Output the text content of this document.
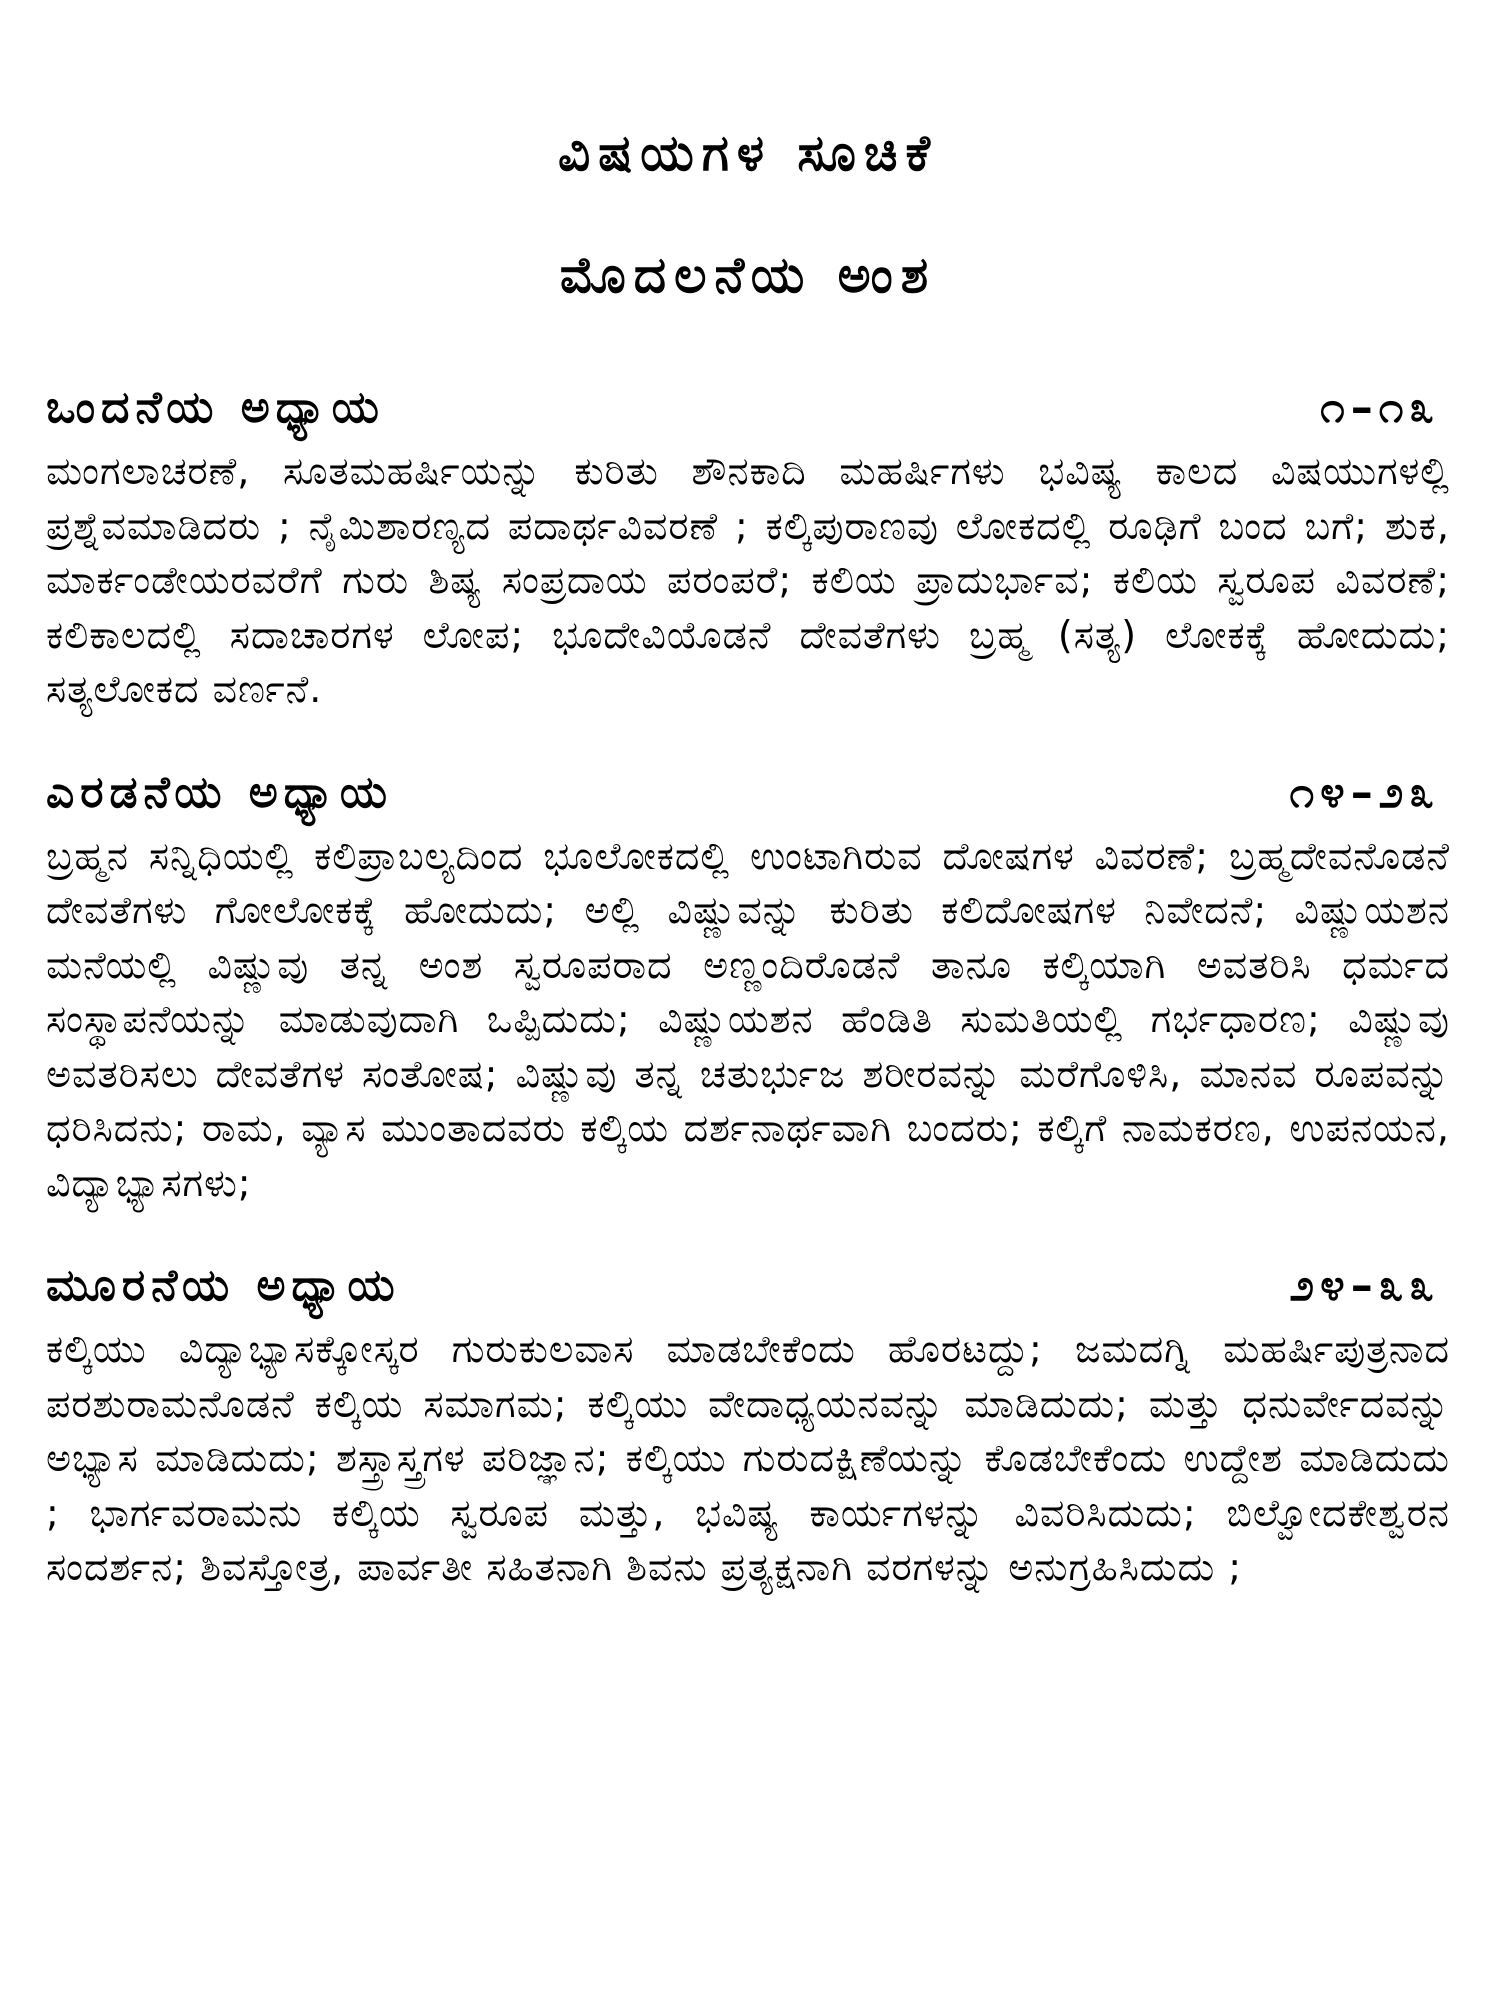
ವಿಷಯಗಳ ಸೂಚಿಕೆ
ಮೊದಲನೆಯ ಅಂಶ
ಒಂದನೆಯ ಅಧ್ಯಾಯ	೧–೧೩
ಮಂಗಲಾಚರಣೆ, ಸೂತಮಹರ್ಷಿಯನ್ನು ಕುರಿತು ಶೌನಕಾದಿ ಮಹರ್ಷಿಗಳು ಭವಿಷ್ಯ ಕಾಲದ ವಿಷಯುಗಳಲ್ಲಿ ಪ್ರಶ್ನೆವಮಾಡಿದರು ; ನೈಮಿಶಾರಣ್ಯದ ಪದಾರ್ಥವಿವರಣೆ ; ಕಲ್ಕಿಪುರಾಣವು ಲೋಕದಲ್ಲಿ ರೂಢಿಗೆ ಬಂದ ಬಗೆ; ಶುಕ, ಮಾರ್ಕಂಡೇಯರವರೆಗೆ ಗುರು ಶಿಷ್ಯ ಸಂಪ್ರದಾಯ ಪರಂಪರೆ; ಕಲಿಯ ಪ್ರಾದುರ್ಭಾವ; ಕಲಿಯ ಸ್ವರೂಪ ವಿವರಣೆ; ಕಲಿಕಾಲದಲ್ಲಿ ಸದಾಚಾರಗಳ ಲೋಪ; ಭೂದೇವಿಯೊಡನೆ ದೇವತೆಗಳು ಬ್ರಹ್ಮ (ಸತ್ಯ) ಲೋಕಕ್ಕೆ ಹೋದುದು; ಸತ್ಯಲೋಕದ ವರ್ಣನೆ.
ಎರಡನೆಯ ಅಧ್ಯಾಯ	೧೪–೨೩
ಬ್ರಹ್ಮನ ಸನ್ನಿಧಿಯಲ್ಲಿ ಕಲಿಪ್ರಾಬಲ್ಯದಿಂದ ಭೂಲೋಕದಲ್ಲಿ ಉಂಟಾಗಿರುವ ದೋಷಗಳ ವಿವರಣೆ; ಬ್ರಹ್ಮದೇವನೊಡನೆ ದೇವತೆಗಳು ಗೋಲೋಕಕ್ಕೆ ಹೋದುದು; ಅಲ್ಲಿ ವಿಷ್ಣುವನ್ನು ಕುರಿತು ಕಲಿದೋಷಗಳ ನಿವೇದನೆ; ವಿಷ್ಣುಯಶನ ಮನೆಯಲ್ಲಿ ವಿಷ್ಣುವು ತನ್ನ ಅಂಶ ಸ್ವರೂಪರಾದ ಅಣ್ಣಂದಿರೊಡನೆ ತಾನೂ ಕಲ್ಕಿಯಾಗಿ ಅವತರಿಸಿ ಧರ್ಮದ ಸಂಸ್ಥಾಪನೆಯನ್ನು ಮಾಡುವುದಾಗಿ ಒಪ್ಪಿದುದು; ವಿಷ್ಣುಯಶನ ಹೆಂಡಿತಿ ಸುಮತಿಯಲ್ಲಿ ಗರ್ಭಧಾರಣ; ವಿಷ್ಣುವು ಅವತರಿಸಲು ದೇವತೆಗಳ ಸಂತೋಷ; ವಿಷ್ಣುವು ತನ್ನ ಚತುರ್ಭುಜ ಶರೀರವನ್ನು ಮರೆಗೊಳಿಸಿ, ಮಾನವ ರೂಪವನ್ನು ಧರಿಸಿದನು; ರಾಮ, ವ್ಯಾಸ ಮುಂತಾದವರು ಕಲ್ಕಿಯ ದರ್ಶನಾರ್ಥವಾಗಿ ಬಂದರು; ಕಲ್ಕಿಗೆ ನಾಮಕರಣ, ಉಪನಯನ, ವಿದ್ಯಾಭ್ಯಾಸಗಳು;
ಮೂರನೆಯ ಅಧ್ಯಾಯ	೨೪–೩೩
ಕಲ್ಕಿಯು ವಿದ್ಯಾಭ್ಯಾಸಕ್ಕೋಸ್ಕರ ಗುರುಕುಲವಾಸ ಮಾಡಬೇಕೆಂದು ಹೊರಟದ್ದು; ಜಮದಗ್ನಿ ಮಹರ್ಷಿಪುತ್ರನಾದ ಪರಶುರಾಮನೊಡನೆ ಕಲ್ಕಿಯ ಸಮಾಗಮ; ಕಲ್ಕಿಯು ವೇದಾಧ್ಯಯನವನ್ನು ಮಾಡಿದುದು; ಮತ್ತು ಧನುರ್ವೇದವನ್ನು ಅಭ್ಯಾಸ ಮಾಡಿದುದು; ಶಸ್ತ್ರಾಸ್ತ್ರಗಳ ಪರಿಜ್ಞಾನ; ಕಲ್ಕಿಯು ಗುರುದಕ್ಷಿಣೆಯನ್ನು ಕೊಡಬೇಕೆಂದು ಉದ್ದೇಶ ಮಾಡಿದುದು ; ಭಾರ್ಗವರಾಮನು ಕಲ್ಕಿಯ ಸ್ವರೂಪ ಮತ್ತು, ಭವಿಷ್ಯ ಕಾರ್ಯಗಳನ್ನು ವಿವರಿಸಿದುದು; ಬಿಲ್ವೋದಕೇಶ್ವರನ ಸಂದರ್ಶನ; ಶಿವಸ್ತೋತ್ರ, ಪಾರ್ವತೀ ಸಹಿತನಾಗಿ ಶಿವನು ಪ್ರತ್ಯಕ್ಷನಾಗಿ ವರಗಳನ್ನು ಅನುಗ್ರಹಿಸಿದುದು ;
